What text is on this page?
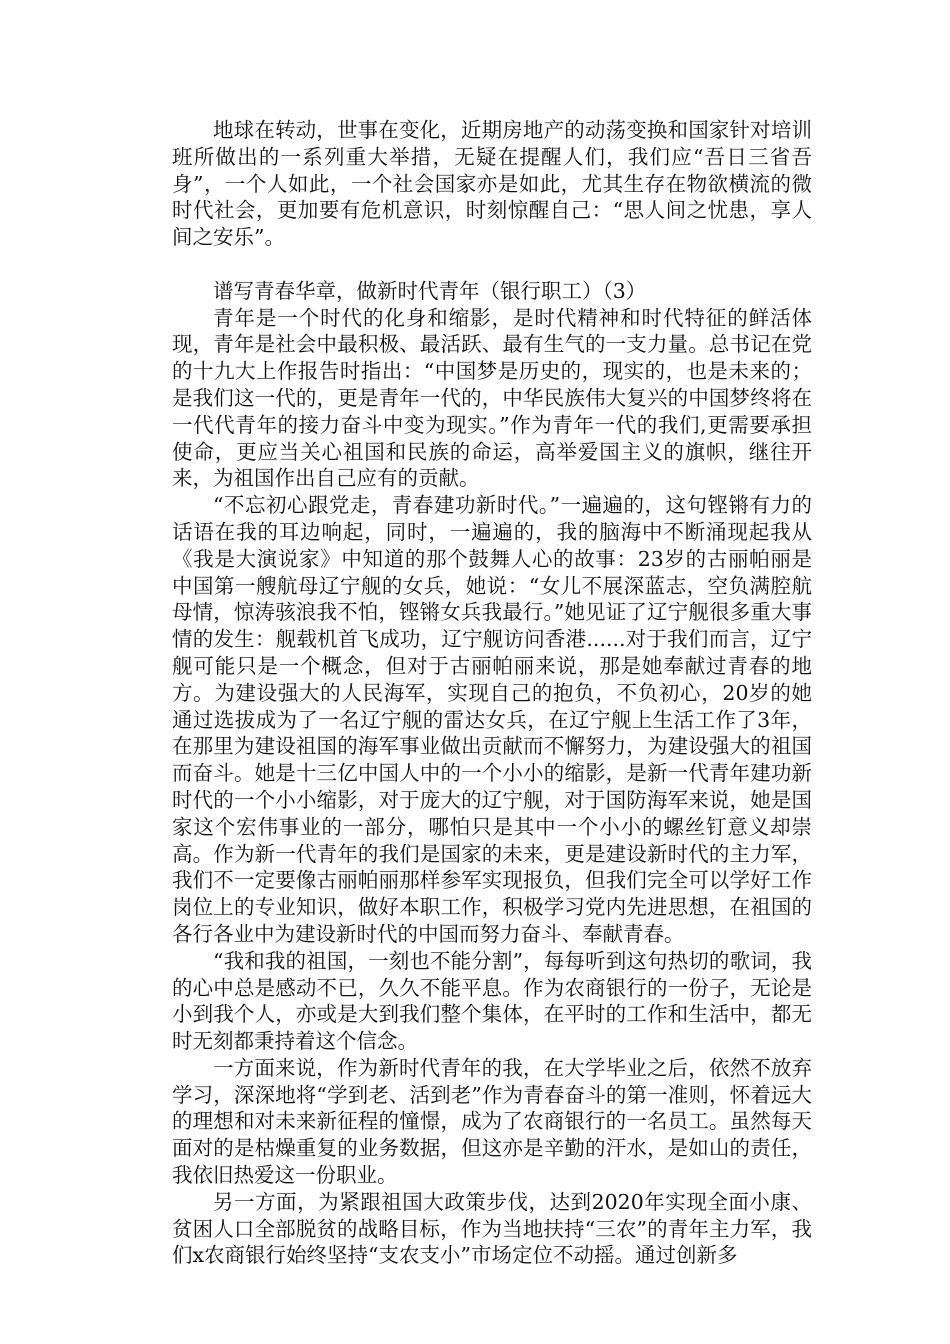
地球在转动，世事在变化，近期房地产的动荡变换和国家针对培训班所做出的一系列重大举措，无疑在提醒人们，我们应“吾日三省吾身”，一个人如此，一个社会国家亦是如此，尤其生存在物欲横流的微时代社会，更加要有危机意识，时刻惊醒自己：“思人间之忧患，享人间之安乐”。

谱写青春华章，做新时代青年（银行职工）（3）

青年是一个时代的化身和缩影，是时代精神和时代特征的鲜活体现，青年是社会中最积极、最活跃、最有生气的一支力量。总书记在党的十九大上作报告时指出：“中国梦是历史的，现实的，也是未来的；是我们这一代的，更是青年一代的，中华民族伟大复兴的中国梦终将在一代代青年的接力奋斗中变为现实。”作为青年一代的我们,更需要承担使命，更应当关心祖国和民族的命运，高举爱国主义的旗帜，继往开来，为祖国作出自己应有的贡献。

“不忘初心跟党走，青春建功新时代。”一遍遍的，这句铿锵有力的话语在我的耳边响起，同时，一遍遍的，我的脑海中不断涌现起我从《我是大演说家》中知道的那个鼓舞人心的故事：23岁的古丽帕丽是中国第一艘航母辽宁舰的女兵，她说：“女儿不展深蓝志，空负满腔航母情，惊涛骇浪我不怕，铿锵女兵我最行。”她见证了辽宁舰很多重大事情的发生：舰载机首飞成功，辽宁舰访问香港......对于我们而言，辽宁舰可能只是一个概念，但对于古丽帕丽来说，那是她奉献过青春的地方。为建设强大的人民海军，实现自己的抱负，不负初心，20岁的她通过选拔成为了一名辽宁舰的雷达女兵，在辽宁舰上生活工作了3年，在那里为建设祖国的海军事业做出贡献而不懈努力，为建设强大的祖国而奋斗。她是十三亿中国人中的一个小小的缩影，是新一代青年建功新时代的一个小小缩影，对于庞大的辽宁舰，对于国防海军来说，她是国家这个宏伟事业的一部分，哪怕只是其中一个小小的螺丝钉意义却崇高。作为新一代青年的我们是国家的未来，更是建设新时代的主力军，我们不一定要像古丽帕丽那样参军实现报负，但我们完全可以学好工作岗位上的专业知识，做好本职工作，积极学习党内先进思想，在祖国的各行各业中为建设新时代的中国而努力奋斗、奉献青春。

“我和我的祖国，一刻也不能分割”，每每听到这句热切的歌词，我的心中总是感动不已，久久不能平息。作为农商银行的一份子，无论是小到我个人，亦或是大到我们整个集体，在平时的工作和生活中，都无时无刻都秉持着这个信念。

一方面来说，作为新时代青年的我，在大学毕业之后，依然不放弃学习，深深地将“学到老、活到老”作为青春奋斗的第一准则，怀着远大的理想和对未来新征程的憧憬，成为了农商银行的一名员工。虽然每天面对的是枯燥重复的业务数据，但这亦是辛勤的汗水，是如山的责任，我依旧热爱这一份职业。

另一方面，为紧跟祖国大政策步伐，达到2020年实现全面小康、贫困人口全部脱贫的战略目标，作为当地扶持“三农”的青年主力军，我们x农商银行始终坚持“支农支小”市场定位不动摇。通过创新多
